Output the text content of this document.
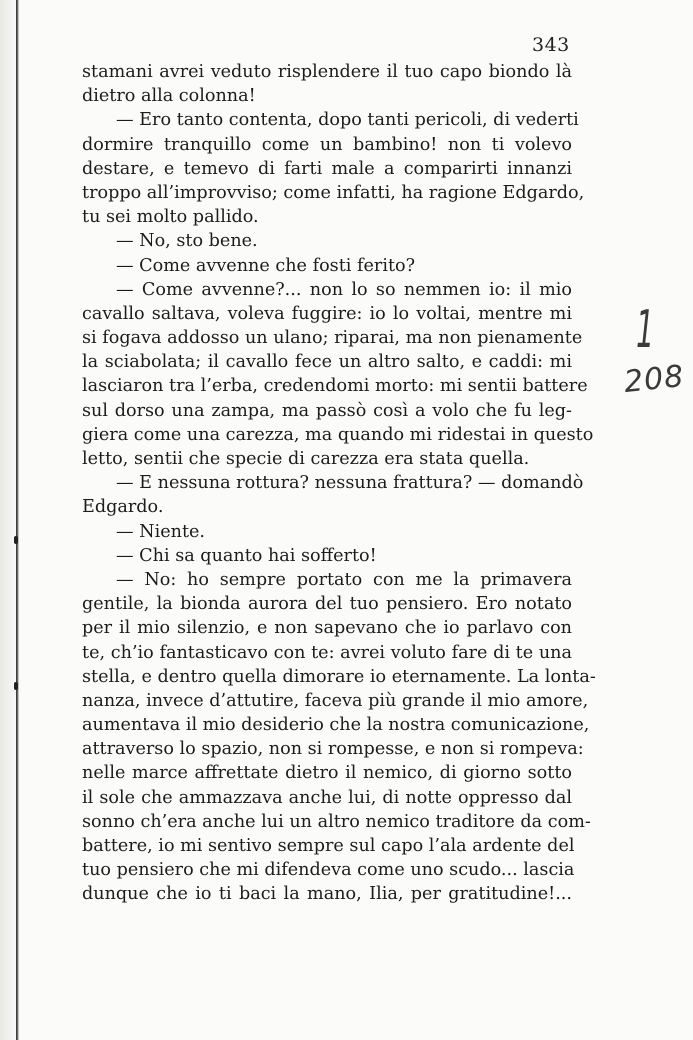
343
stamani avrei veduto risplendere il tuo capo biondo là
dietro alla colonna!
— Ero tanto contenta, dopo tanti pericoli, di vederti
dormire tranquillo come un bambino! non ti volevo
destare, e temevo di farti male a comparirti innanzi
troppo all’improvviso; come infatti, ha ragione Edgardo,
tu sei molto pallido.
— No, sto bene.
— Come avvenne che fosti ferito?
— Come avvenne?... non lo so nemmen io: il mio
cavallo saltava, voleva fuggire: io lo voltai, mentre mi
si fogava addosso un ulano; riparai, ma non pienamente
la sciabolata; il cavallo fece un altro salto, e caddi: mi
lasciaron tra l’erba, credendomi morto: mi sentii battere
sul dorso una zampa, ma passò così a volo che fu leg-
giera come una carezza, ma quando mi ridestai in questo
letto, sentii che specie di carezza era stata quella.
— E nessuna rottura? nessuna frattura? — domandò
Edgardo.
— Niente.
— Chi sa quanto hai sofferto!
— No: ho sempre portato con me la primavera
gentile, la bionda aurora del tuo pensiero. Ero notato
per il mio silenzio, e non sapevano che io parlavo con
te, ch’io fantasticavo con te: avrei voluto fare di te una
stella, e dentro quella dimorare io eternamente. La lonta-
nanza, invece d’attutire, faceva più grande il mio amore,
aumentava il mio desiderio che la nostra comunicazione,
attraverso lo spazio, non si rompesse, e non si rompeva:
nelle marce affrettate dietro il nemico, di giorno sotto
il sole che ammazzava anche lui, di notte oppresso dal
sonno ch’era anche lui un altro nemico traditore da com-
battere, io mi sentivo sempre sul capo l’ala ardente del
tuo pensiero che mi difendeva come uno scudo... lascia
dunque che io ti baci la mano, Ilia, per gratitudine!...
1
208
